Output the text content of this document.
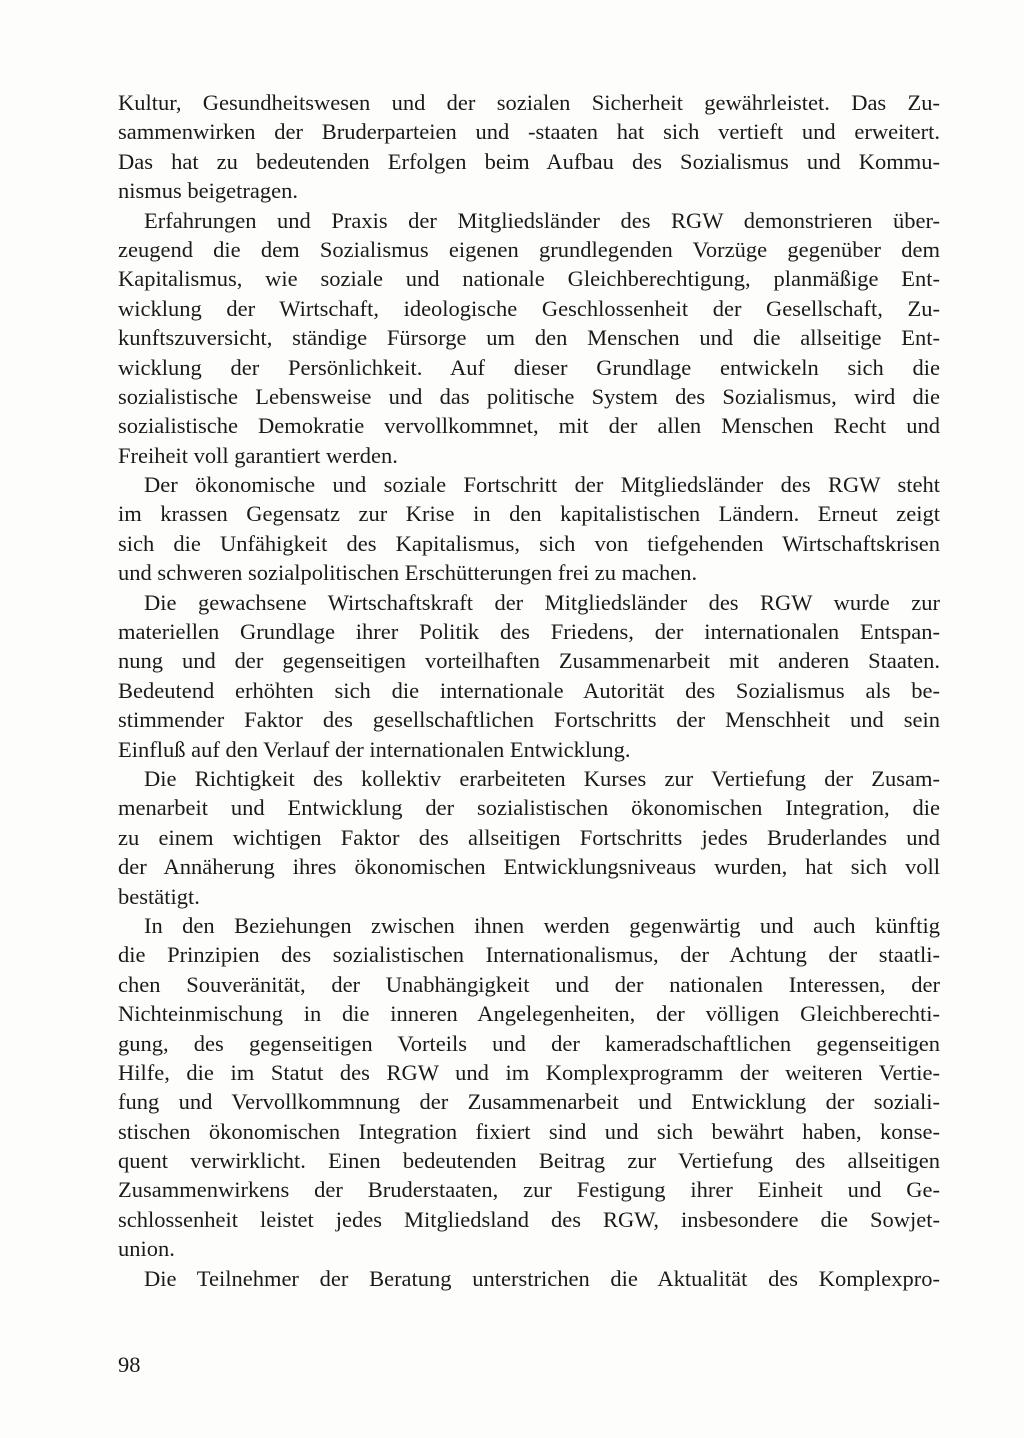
Kultur, Gesundheitswesen und der sozialen Sicherheit gewährleistet. Das Zu-
sammenwirken der Bruderparteien und -staaten hat sich vertieft und erweitert.
Das hat zu bedeutenden Erfolgen beim Aufbau des Sozialismus und Kommu-
nismus beigetragen.
Erfahrungen und Praxis der Mitgliedsländer des RGW demonstrieren über-
zeugend die dem Sozialismus eigenen grundlegenden Vorzüge gegenüber dem
Kapitalismus, wie soziale und nationale Gleichberechtigung, planmäßige Ent-
wicklung der Wirtschaft, ideologische Geschlossenheit der Gesellschaft, Zu-
kunftszuversicht, ständige Fürsorge um den Menschen und die allseitige Ent-
wicklung der Persönlichkeit. Auf dieser Grundlage entwickeln sich die
sozialistische Lebensweise und das politische System des Sozialismus, wird die
sozialistische Demokratie vervollkommnet, mit der allen Menschen Recht und
Freiheit voll garantiert werden.
Der ökonomische und soziale Fortschritt der Mitgliedsländer des RGW steht
im krassen Gegensatz zur Krise in den kapitalistischen Ländern. Erneut zeigt
sich die Unfähigkeit des Kapitalismus, sich von tiefgehenden Wirtschaftskrisen
und schweren sozialpolitischen Erschütterungen frei zu machen.
Die gewachsene Wirtschaftskraft der Mitgliedsländer des RGW wurde zur
materiellen Grundlage ihrer Politik des Friedens, der internationalen Entspan-
nung und der gegenseitigen vorteilhaften Zusammenarbeit mit anderen Staaten.
Bedeutend erhöhten sich die internationale Autorität des Sozialismus als be-
stimmender Faktor des gesellschaftlichen Fortschritts der Menschheit und sein
Einfluß auf den Verlauf der internationalen Entwicklung.
Die Richtigkeit des kollektiv erarbeiteten Kurses zur Vertiefung der Zusam-
menarbeit und Entwicklung der sozialistischen ökonomischen Integration, die
zu einem wichtigen Faktor des allseitigen Fortschritts jedes Bruderlandes und
der Annäherung ihres ökonomischen Entwicklungsniveaus wurden, hat sich voll
bestätigt.
In den Beziehungen zwischen ihnen werden gegenwärtig und auch künftig
die Prinzipien des sozialistischen Internationalismus, der Achtung der staatli-
chen Souveränität, der Unabhängigkeit und der nationalen Interessen, der
Nichteinmischung in die inneren Angelegenheiten, der völligen Gleichberechti-
gung, des gegenseitigen Vorteils und der kameradschaftlichen gegenseitigen
Hilfe, die im Statut des RGW und im Komplexprogramm der weiteren Vertie-
fung und Vervollkommnung der Zusammenarbeit und Entwicklung der soziali-
stischen ökonomischen Integration fixiert sind und sich bewährt haben, konse-
quent verwirklicht. Einen bedeutenden Beitrag zur Vertiefung des allseitigen
Zusammenwirkens der Bruderstaaten, zur Festigung ihrer Einheit und Ge-
schlossenheit leistet jedes Mitgliedsland des RGW, insbesondere die Sowjet-
union.
Die Teilnehmer der Beratung unterstrichen die Aktualität des Komplexpro-
98
